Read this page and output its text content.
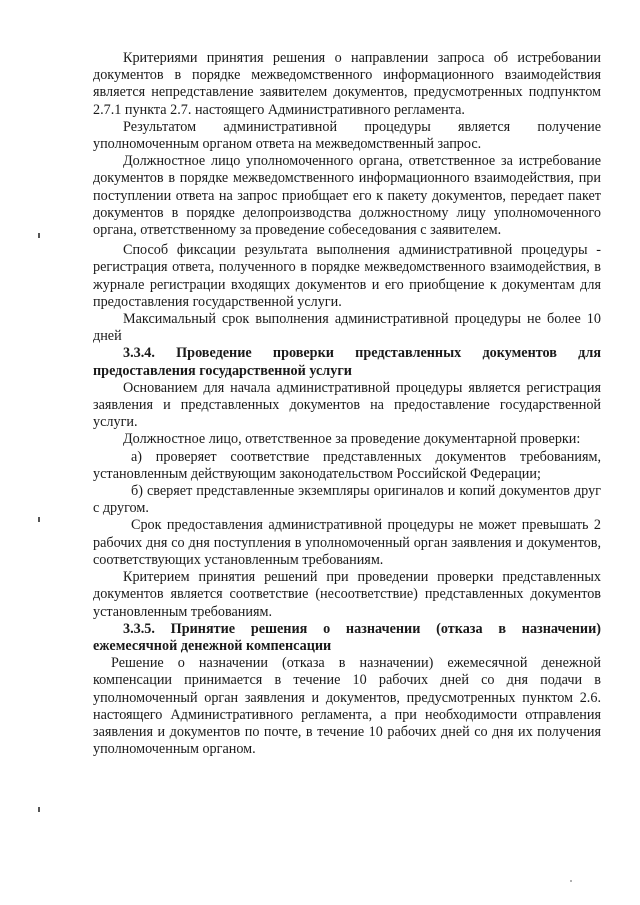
Критериями принятия решения о направлении запроса об истребовании документов в порядке межведомственного информационного взаимодействия является непредставление заявителем документов, предусмотренных подпунктом 2.7.1 пункта 2.7. настоящего Административного регламента.

Результатом административной процедуры является получение уполномоченным органом ответа на межведомственный запрос.

Должностное лицо уполномоченного органа, ответственное за истребование документов в порядке межведомственного информационного взаимодействия, при поступлении ответа на запрос приобщает его к пакету документов, передает пакет документов в порядке делопроизводства должностному лицу уполномоченного органа, ответственному за проведение собеседования с заявителем.

Способ фиксации результата выполнения административной процедуры - регистрация ответа, полученного в порядке межведомственного взаимодействия, в журнале регистрации входящих документов и его приобщение к документам для предоставления государственной услуги.

Максимальный срок выполнения административной процедуры не более 10 дней

3.3.4. Проведение проверки представленных документов для предоставления государственной услуги

Основанием для начала административной процедуры является регистрация заявления и представленных документов на предоставление государственной услуги.

Должностное лицо, ответственное за проведение документарной проверки:

а) проверяет соответствие представленных документов требованиям, установленным действующим законодательством Российской Федерации;

б) сверяет представленные экземпляры оригиналов и копий документов друг с другом.

Срок предоставления административной процедуры не может превышать 2 рабочих дня со дня поступления в уполномоченный орган заявления и документов, соответствующих установленным требованиям.

Критерием принятия решений при проведении проверки представленных документов является соответствие (несоответствие) представленных документов установленным требованиям.

3.3.5. Принятие решения о назначении (отказа в назначении) ежемесячной денежной компенсации

Решение о назначении (отказа в назначении) ежемесячной денежной компенсации принимается в течение 10 рабочих дней со дня подачи в уполномоченный орган заявления и документов, предусмотренных пунктом 2.6. настоящего Административного регламента, а при необходимости отправления заявления и документов по почте, в течение 10 рабочих дней со дня их получения уполномоченным органом.
